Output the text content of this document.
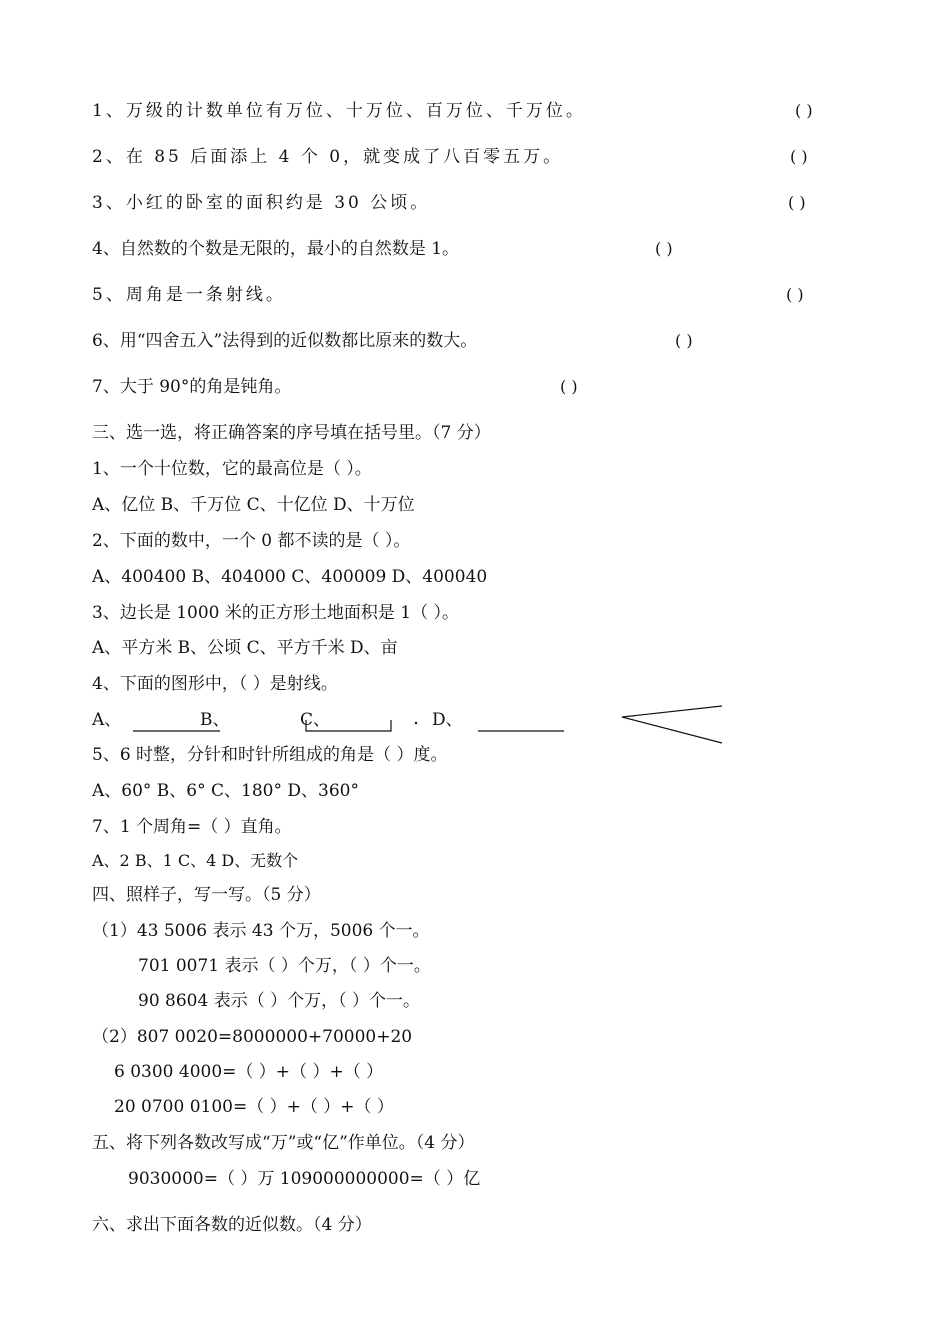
1、万级的计数单位有万位、十万位、百万位、千万位。	( )
2、在 85 后面添上 4 个 0，就变成了八百零五万。	( )
3、小红的卧室的面积约是 30 公顷。	( )
4、自然数的个数是无限的，最小的自然数是 1。	( )
5、周角是一条射线。	( )
6、用“四舍五入”法得到的近似数都比原来的数大。	( )
7、大于 90°的角是钝角。	( )
三、选一选，将正确答案的序号填在括号里。（7 分）
1、一个十位数，它的最高位是（ ）。
A、亿位 B、千万位 C、十亿位 D、十万位
2、下面的数中，一个 0 都不读的是（ ）。
A、400400 B、404000 C、400009 D、400040
3、边长是 1000 米的正方形土地面积是 1（ ）。
A、平方米 B、公顷 C、平方千米 D、亩
4、下面的图形中，（ ）是射线。
A、	B、	C、	D、
5、6 时整，分针和时针所组成的角是（ ）度。
A、60° B、6° C、180° D、360°
7、1 个周角=（ ）直角。
A、2 B、1 C、4 D、无数个
四、照样子，写一写。（5 分）
（1）43 5006 表示 43 个万，5006 个一。
701 0071 表示（ ）个万，（ ）个一。
90 8604 表示（ ）个万，（ ）个一。
（2）807 0020=8000000+70000+20
6 0300 4000=（ ）+（ ）+（ ）
20 0700 0100=（ ）+（ ）+（ ）
五、将下列各数改写成“万”或“亿”作单位。（4 分）
9030000=（ ）万 109000000000=（ ）亿
六、求出下面各数的近似数。（4 分）
